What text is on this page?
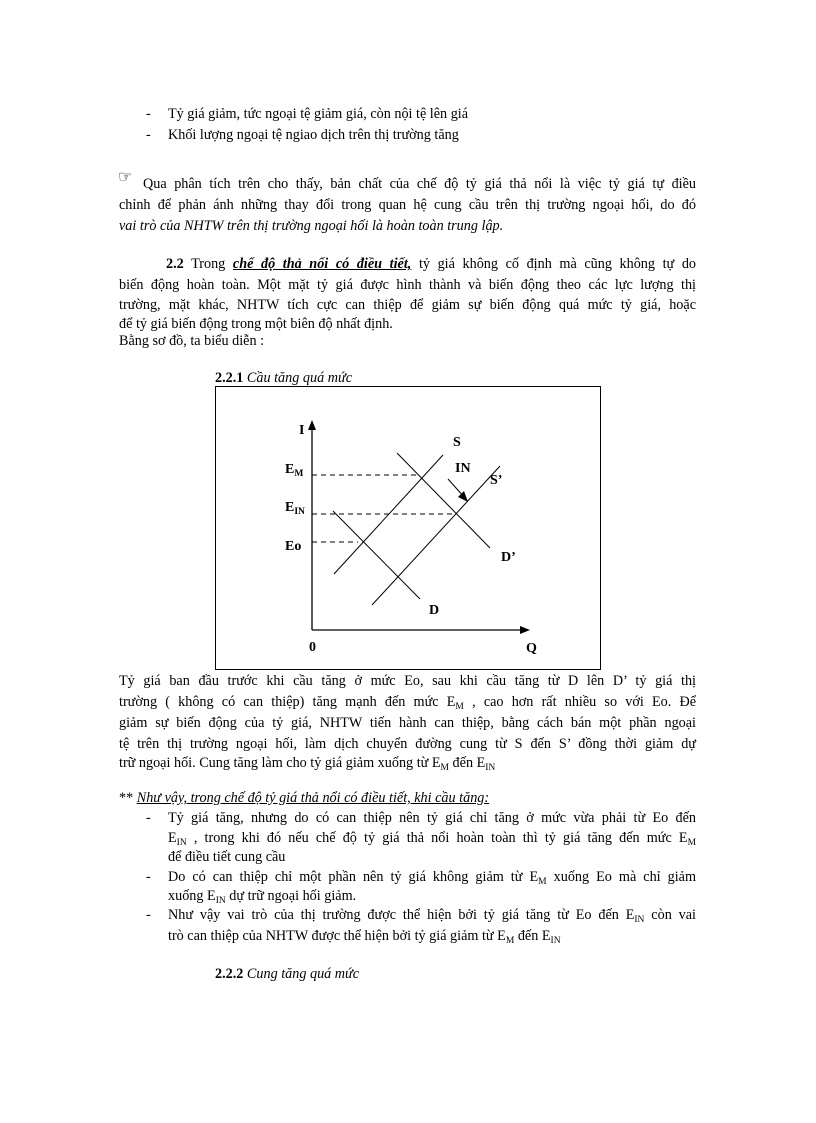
- Tỷ giá giảm, tức ngoại tệ giảm giá, còn nội tệ lên giá

- Khối lượng ngoại tệ ngiao dịch trên thị trường tăng

☞ Qua phân tích trên cho thấy, bản chất của chế độ tỷ giá thả nổi là việc tỷ giá tự điều

chỉnh để phản ánh những thay đổi trong quan hệ cung cầu trên thị trường ngoại hối, do đó

vai trò của NHTW trên thị trường ngoại hối là hoàn toàn trung lập.

2.2 Trong chế độ thả nổi có điều tiết, tỷ giá không cố định mà cũng không tự do

biến động hoàn toàn. Một mặt tỷ giá được hình thành và biến động theo các lực lượng thị

trường, mặt khác, NHTW tích cực can thiệp để giảm sự biến động quá mức tỷ giá, hoặc

để tỷ giá biến động trong một biên độ nhất định.

Bằng sơ đồ, ta biểu diễn :

2.2.1 Cầu tăng quá mức

I
Q
0
$E_M$
$E_{IN}$
Eo
S
IN
S’
D’
D

Tỷ giá ban đầu trước khi cầu tăng ở mức Eo, sau khi cầu tăng từ D lên D’ tỷ giá thị

trường ( không có can thiệp) tăng mạnh đến mức $E_M$ , cao hơn rất nhiều so với Eo. Để

giảm sự biến động của tỷ giá, NHTW tiến hành can thiệp, bằng cách bán một phần ngoại

tệ trên thị trường ngoại hối, làm dịch chuyển đường cung từ S đến S’ đồng thời giảm dự

trữ ngoại hối. Cung tăng làm cho tỷ giá giảm xuống từ $E_M$ đến $E_{IN}$

** Như vậy, trong chế độ tỷ giá thả nổi có điều tiết, khi cầu tăng:

- Tỷ giá tăng, nhưng do có can thiệp nên tỷ giá chỉ tăng ở mức vừa phải từ Eo đến

$E_{IN}$ , trong khi đó nếu chế độ tỷ giá thả nổi hoàn toàn thì tỷ giá tăng đến mức $E_M$

để điều tiết cung cầu

- Do có can thiệp chỉ một phần nên tỷ giá không giảm từ $E_M$ xuống Eo mà chỉ giảm

xuống $E_{IN}$ dự trữ ngoại hối giảm.

- Như vậy vai trò của thị trường được thể hiện bởi tỷ giá tăng từ Eo đến $E_{IN}$ còn vai

trò can thiệp của NHTW được thể hiện bởi tỷ giá giảm từ $E_M$ đến $E_{IN}$

2.2.2 Cung tăng quá mức
